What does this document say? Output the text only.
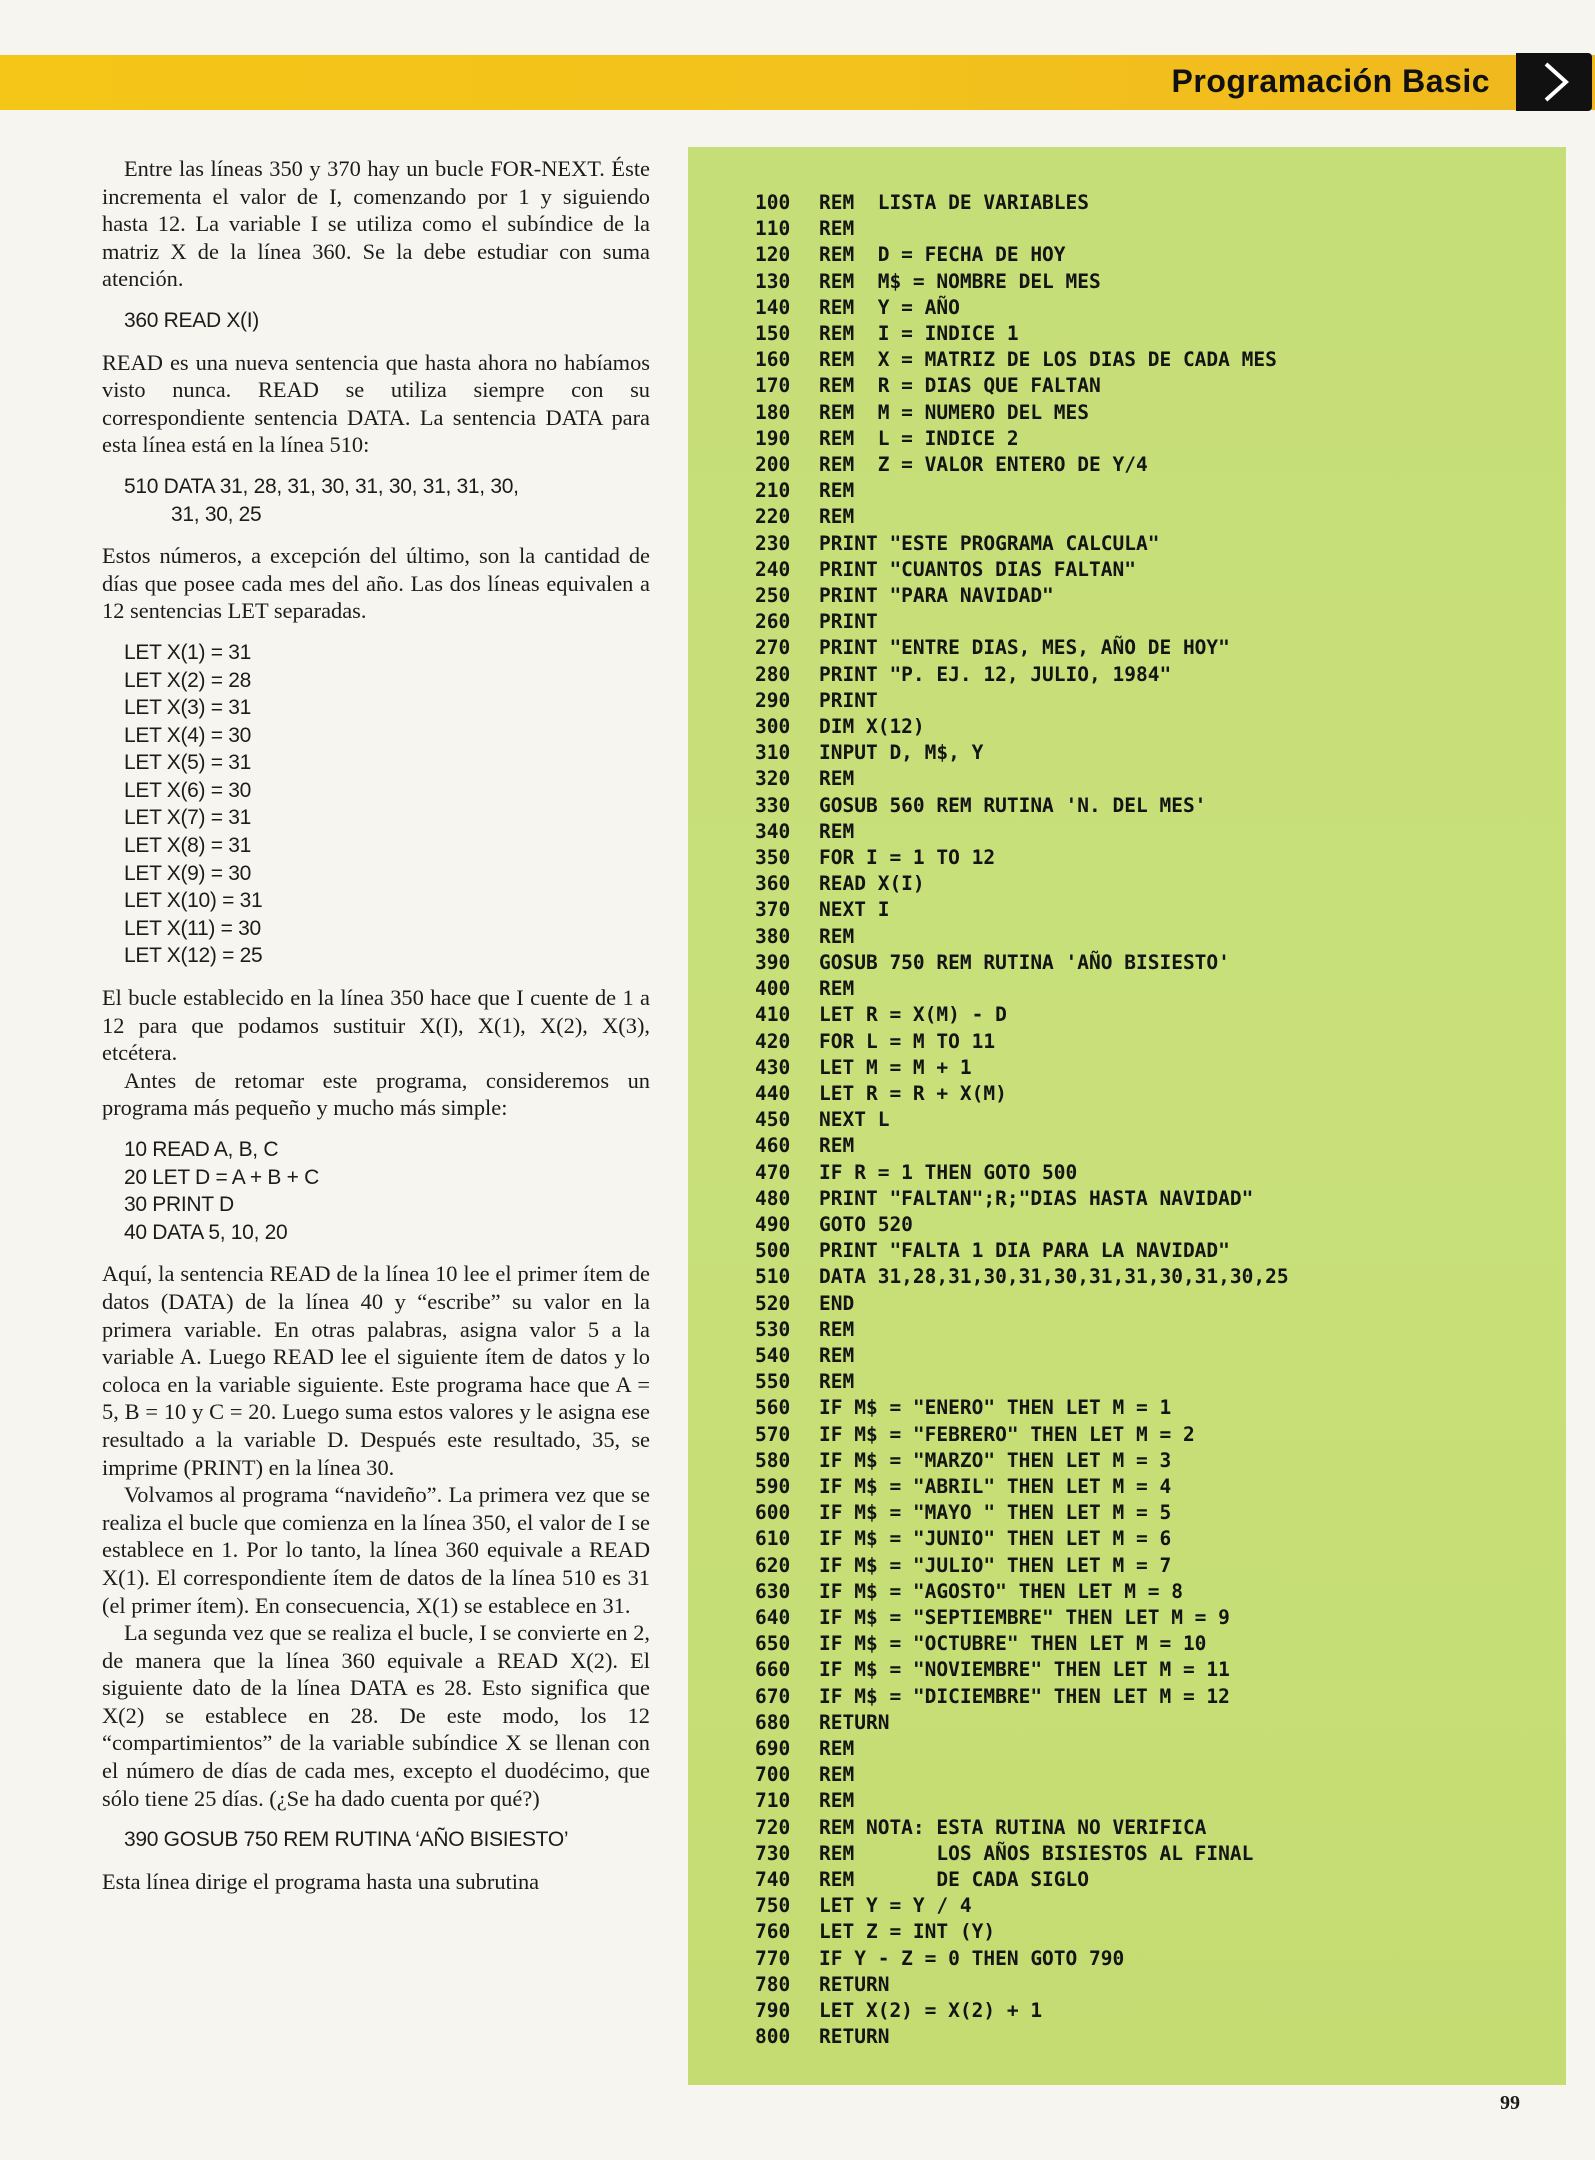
Programación Basic

Entre las líneas 350 y 370 hay un bucle FOR-NEXT. Éste incrementa el valor de I, comenzando por 1 y siguiendo hasta 12. La variable I se utiliza como el subíndice de la matriz X de la línea 360. Se la debe estudiar con suma atención.

360 READ X(I)

READ es una nueva sentencia que hasta ahora no habíamos visto nunca. READ se utiliza siempre con su correspondiente sentencia DATA. La sentencia DATA para esta línea está en la línea 510:

510 DATA 31, 28, 31, 30, 31, 30, 31, 31, 30,
31, 30, 25

Estos números, a excepción del último, son la cantidad de días que posee cada mes del año. Las dos líneas equivalen a 12 sentencias LET separadas.

LET X(1) = 31
LET X(2) = 28
LET X(3) = 31
LET X(4) = 30
LET X(5) = 31
LET X(6) = 30
LET X(7) = 31
LET X(8) = 31
LET X(9) = 30
LET X(10) = 31
LET X(11) = 30
LET X(12) = 25

El bucle establecido en la línea 350 hace que I cuente de 1 a 12 para que podamos sustituir X(I), X(1), X(2), X(3), etcétera.

Antes de retomar este programa, consideremos un programa más pequeño y mucho más simple:

10 READ A, B, C
20 LET D = A + B + C
30 PRINT D
40 DATA 5, 10, 20

Aquí, la sentencia READ de la línea 10 lee el primer ítem de datos (DATA) de la línea 40 y “escribe” su valor en la primera variable. En otras palabras, asigna valor 5 a la variable A. Luego READ lee el siguiente ítem de datos y lo coloca en la variable siguiente. Este programa hace que A = 5, B = 10 y C = 20. Luego suma estos valores y le asigna ese resultado a la variable D. Después este resultado, 35, se imprime (PRINT) en la línea 30.

Volvamos al programa “navideño”. La primera vez que se realiza el bucle que comienza en la línea 350, el valor de I se establece en 1. Por lo tanto, la línea 360 equivale a READ X(1). El correspondiente ítem de datos de la línea 510 es 31 (el primer ítem). En consecuencia, X(1) se establece en 31.

La segunda vez que se realiza el bucle, I se convierte en 2, de manera que la línea 360 equivale a READ X(2). El siguiente dato de la línea DATA es 28. Esto significa que X(2) se establece en 28. De este modo, los 12 “compartimientos” de la variable subíndice X se llenan con el número de días de cada mes, excepto el duodécimo, que sólo tiene 25 días. (¿Se ha dado cuenta por qué?)

390 GOSUB 750 REM RUTINA ‘AÑO BISIESTO’

Esta línea dirige el programa hasta una subrutina

100	REM  LISTA DE VARIABLES
110	REM
120	REM  D = FECHA DE HOY
130	REM  M$ = NOMBRE DEL MES
140	REM  Y = AÑO
150	REM  I = INDICE 1
160	REM  X = MATRIZ DE LOS DIAS DE CADA MES
170	REM  R = DIAS QUE FALTAN
180	REM  M = NUMERO DEL MES
190	REM  L = INDICE 2
200	REM  Z = VALOR ENTERO DE Y/4
210	REM
220	REM
230	PRINT "ESTE PROGRAMA CALCULA"
240	PRINT "CUANTOS DIAS FALTAN"
250	PRINT "PARA NAVIDAD"
260	PRINT
270	PRINT "ENTRE DIAS, MES, AÑO DE HOY"
280	PRINT "P. EJ. 12, JULIO, 1984"
290	PRINT
300	DIM X(12)
310	INPUT D, M$, Y
320	REM
330	GOSUB 560 REM RUTINA 'N. DEL MES'
340	REM
350	FOR I = 1 TO 12
360	READ X(I)
370	NEXT I
380	REM
390	GOSUB 750 REM RUTINA 'AÑO BISIESTO'
400	REM
410	LET R = X(M) - D
420	FOR L = M TO 11
430	LET M = M + 1
440	LET R = R + X(M)
450	NEXT L
460	REM
470	IF R = 1 THEN GOTO 500
480	PRINT "FALTAN";R;"DIAS HASTA NAVIDAD"
490	GOTO 520
500	PRINT "FALTA 1 DIA PARA LA NAVIDAD"
510	DATA 31,28,31,30,31,30,31,31,30,31,30,25
520	END
530	REM
540	REM
550	REM
560	IF M$ = "ENERO" THEN LET M = 1
570	IF M$ = "FEBRERO" THEN LET M = 2
580	IF M$ = "MARZO" THEN LET M = 3
590	IF M$ = "ABRIL" THEN LET M = 4
600	IF M$ = "MAYO " THEN LET M = 5
610	IF M$ = "JUNIO" THEN LET M = 6
620	IF M$ = "JULIO" THEN LET M = 7
630	IF M$ = "AGOSTO" THEN LET M = 8
640	IF M$ = "SEPTIEMBRE" THEN LET M = 9
650	IF M$ = "OCTUBRE" THEN LET M = 10
660	IF M$ = "NOVIEMBRE" THEN LET M = 11
670	IF M$ = "DICIEMBRE" THEN LET M = 12
680	RETURN
690	REM
700	REM
710	REM
720	REM NOTA: ESTA RUTINA NO VERIFICA
730	REM       LOS AÑOS BISIESTOS AL FINAL
740	REM       DE CADA SIGLO
750	LET Y = Y / 4
760	LET Z = INT (Y)
770	IF Y - Z = 0 THEN GOTO 790
780	RETURN
790	LET X(2) = X(2) + 1
800	RETURN
99
